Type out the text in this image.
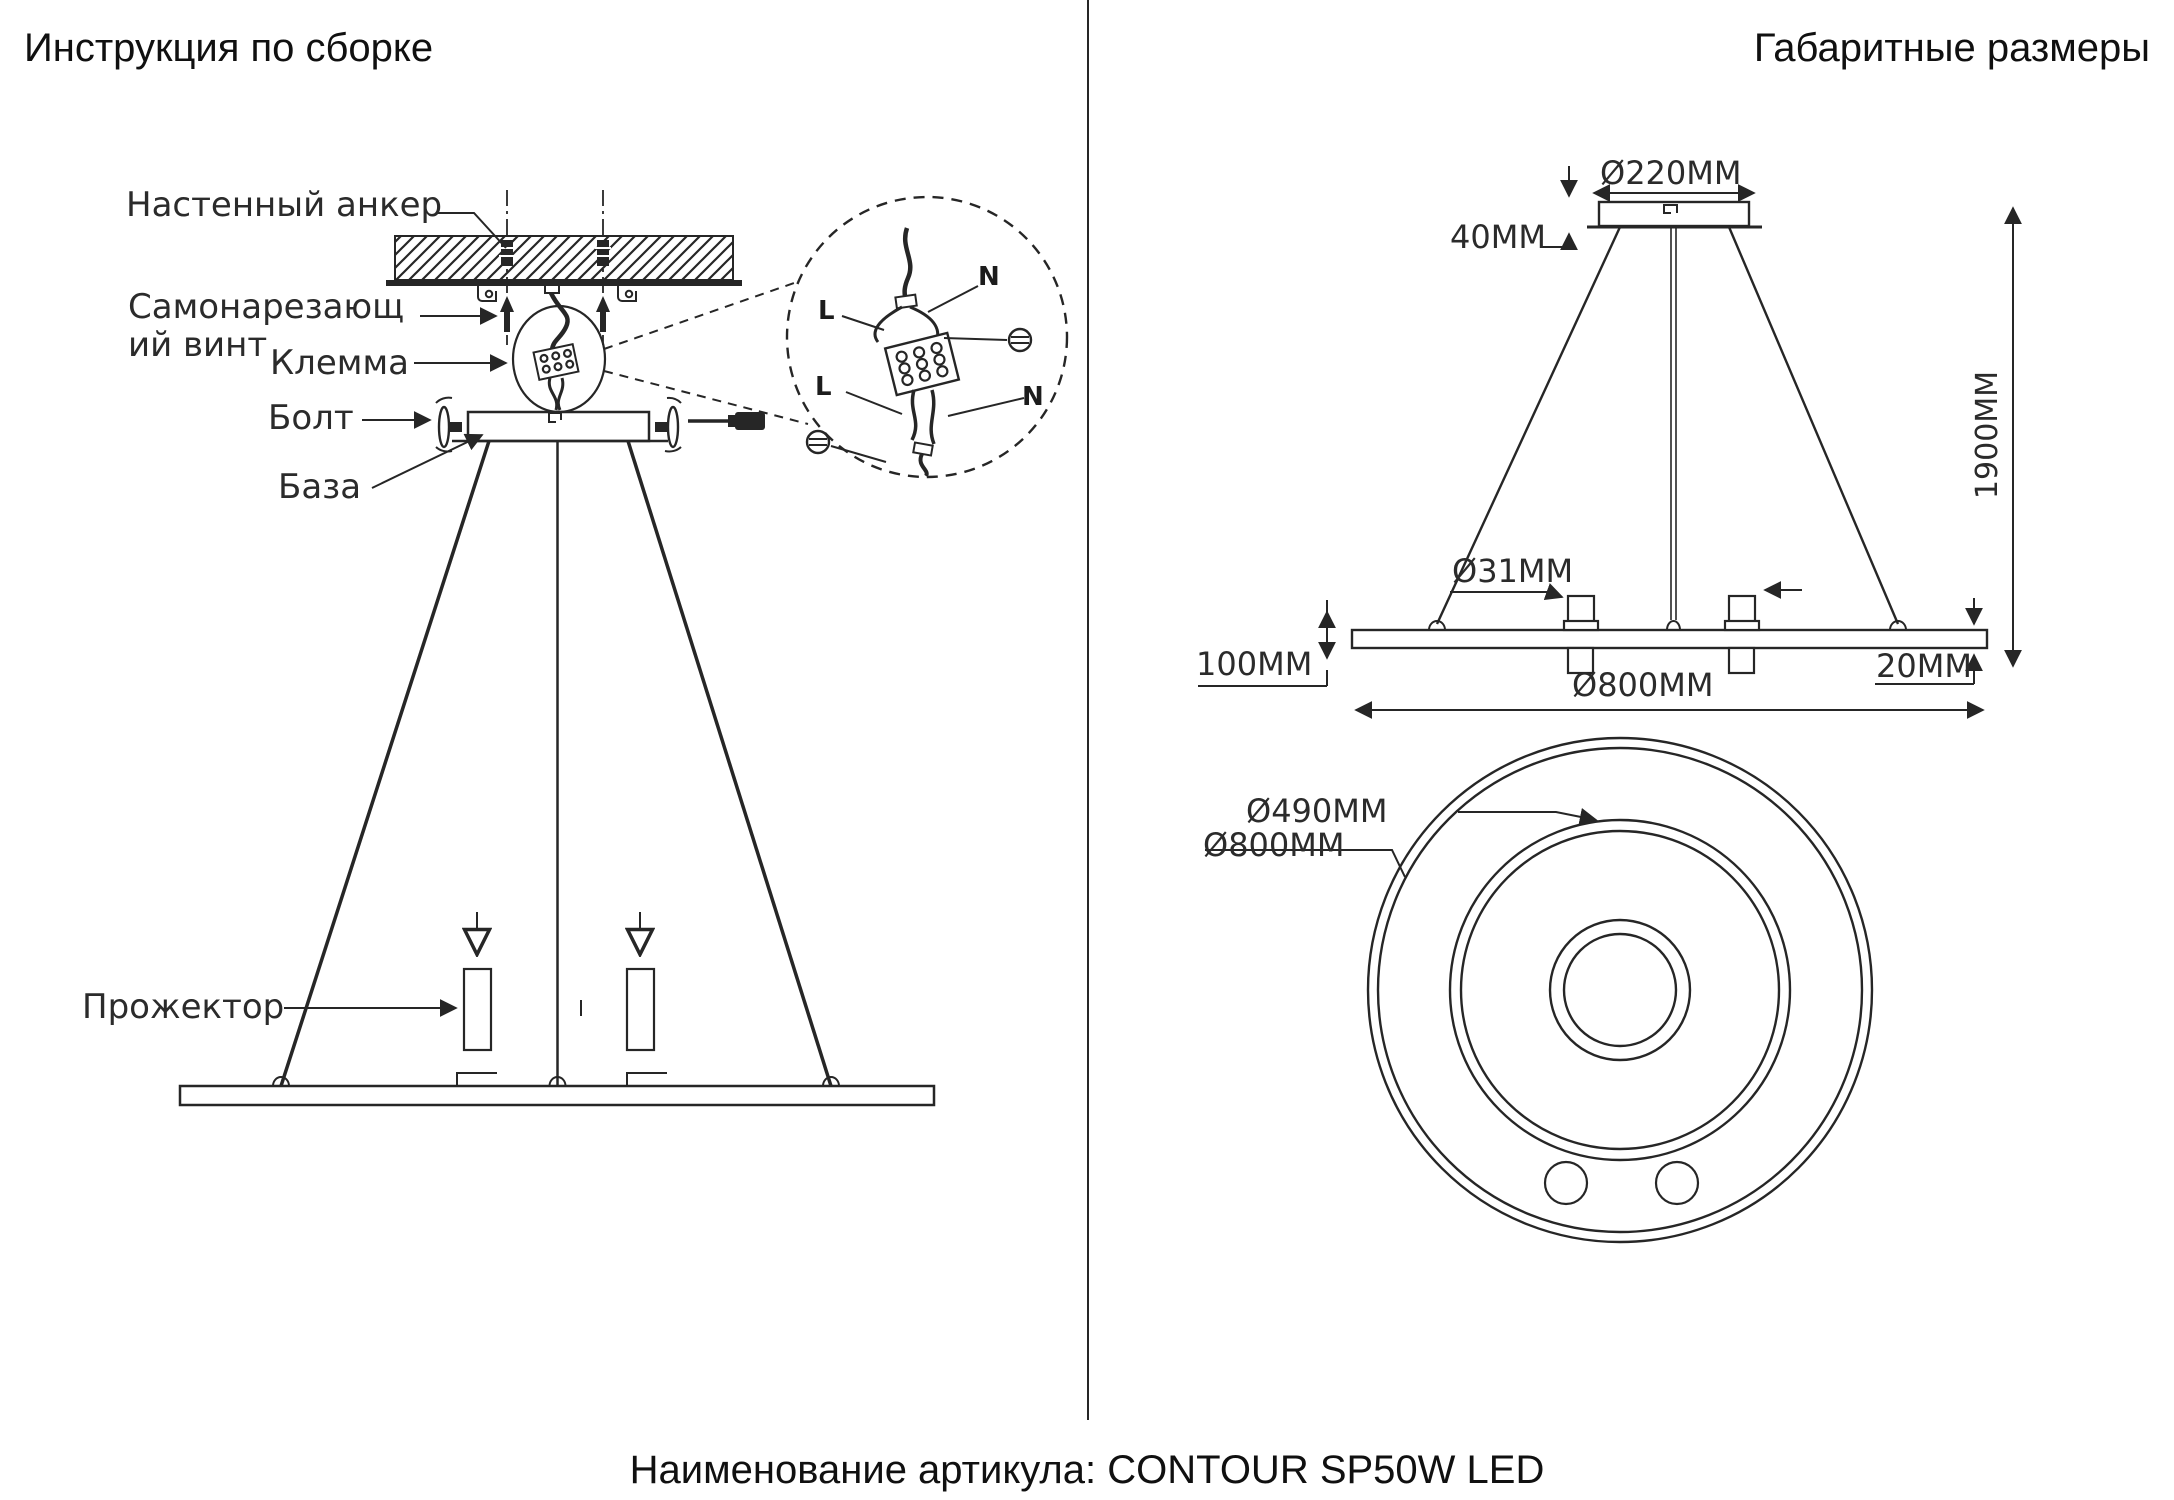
Инструкция по сборке	Габаритные размеры
Настенный анкер
Самонарезающ
ий винт Клемма
Болт
База
Прожектор
N
L
L	N
Ø220MM
40MM
1900MM
Ø31MM
100MM
Ø800MM	20MM
Ø490MM
Ø800MM
Наименование артикула: CONTOUR SP50W LED
